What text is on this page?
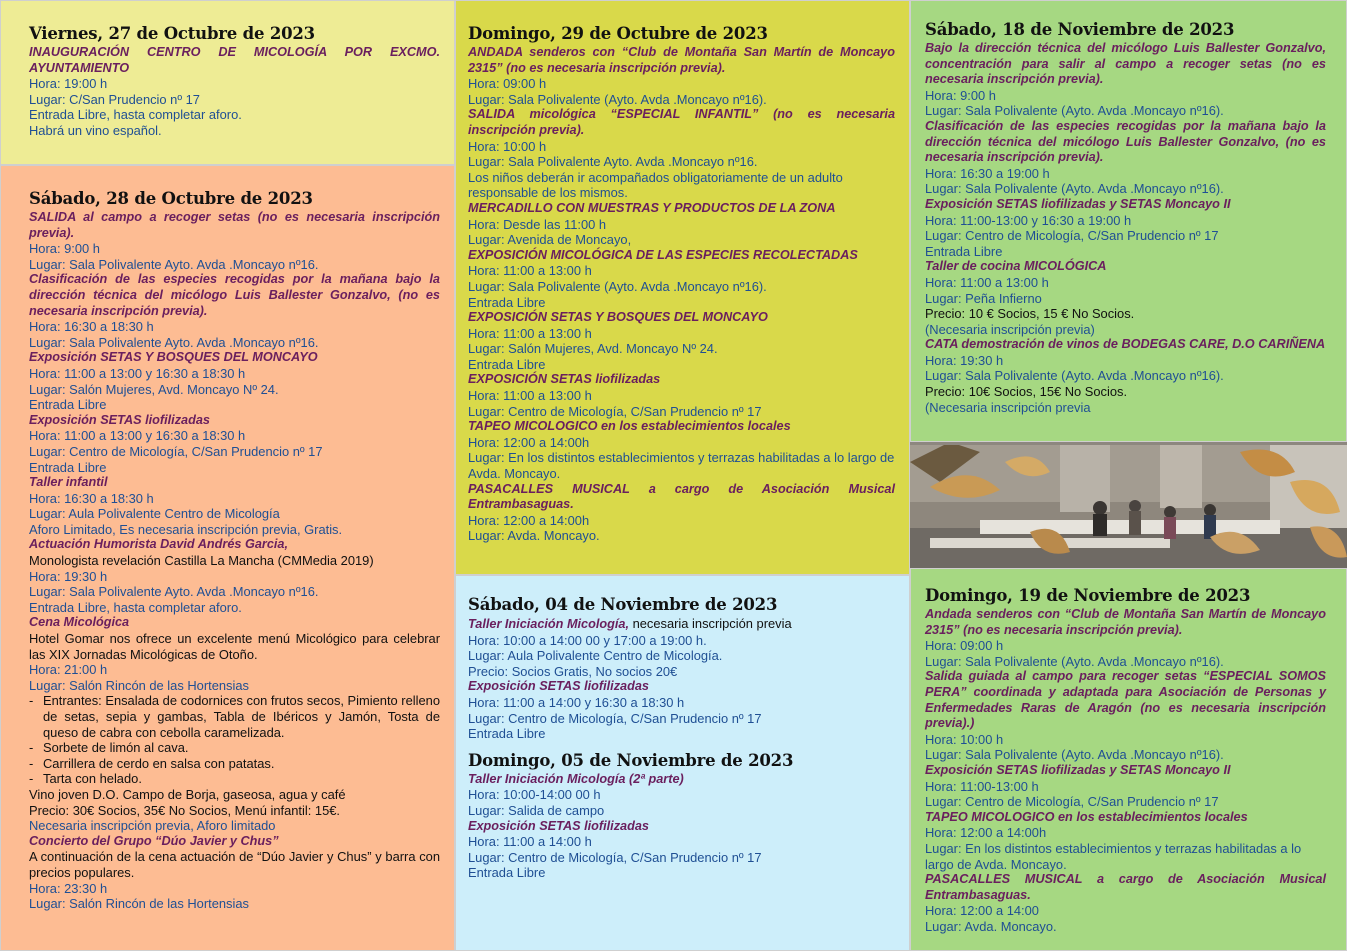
Viernes, 27 de Octubre de 2023
INAUGURACIÓN CENTRO DE MICOLOGÍA POR EXCMO. AYUNTAMIENTO
Hora: 19:00 h
Lugar: C/San Prudencio nº 17
Entrada Libre, hasta completar aforo.
Habrá un vino español.
Sábado, 28 de Octubre de 2023
SALIDA al campo a recoger setas (no es necesaria inscripción previa).
Hora: 9:00 h
Lugar: Sala Polivalente Ayto. Avda .Moncayo nº16.
Clasificación de las especies recogidas por la mañana bajo la dirección técnica del micólogo Luis Ballester Gonzalvo, (no es necesaria inscripción previa).
Hora: 16:30 a 18:30 h
Lugar: Sala Polivalente Ayto. Avda .Moncayo nº16.
Exposición SETAS Y BOSQUES DEL MONCAYO
Hora: 11:00 a 13:00 y 16:30 a 18:30 h
Lugar: Salón Mujeres, Avd. Moncayo Nº 24.
Entrada Libre
Exposición SETAS liofilizadas
Hora: 11:00 a 13:00 y 16:30 a 18:30 h
Lugar: Centro de Micología, C/San Prudencio nº 17
Entrada Libre
Taller infantil
Hora: 16:30 a 18:30 h
Lugar: Aula Polivalente Centro de Micología
Aforo Limitado, Es necesaria inscripción previa, Gratis.
Actuación Humorista David Andrés Garcia,
Monologista revelación Castilla La Mancha (CMMedia 2019)
Hora: 19:30 h
Lugar: Sala Polivalente Ayto. Avda .Moncayo nº16.
Entrada Libre, hasta completar aforo.
Cena Micológica
Hotel Gomar nos ofrece un excelente menú Micológico para celebrar las XIX Jornadas Micológicas de Otoño.
Hora: 21:00 h
Lugar: Salón Rincón de las Hortensias
- Entrantes: Ensalada de codornices con frutos secos, Pimiento relleno de setas, sepia y gambas, Tabla de Ibéricos y Jamón, Tosta de queso de cabra con cebolla caramelizada.
- Sorbete de limón al cava.
- Carrillera de cerdo en salsa con patatas.
- Tarta con helado.
Vino joven D.O. Campo de Borja, gaseosa, agua y café
Precio: 30€ Socios, 35€ No Socios, Menú infantil: 15€.
Necesaria inscripción previa, Aforo limitado
Concierto del Grupo “Dúo Javier y Chus”
A continuación de la cena actuación de “Dúo Javier y Chus” y barra con precios populares.
Hora: 23:30 h
Lugar: Salón Rincón de las Hortensias
Domingo, 29 de Octubre de 2023
ANDADA senderos con “Club de Montaña San Martín de Moncayo 2315” (no es necesaria inscripción previa).
Hora: 09:00 h
Lugar: Sala Polivalente (Ayto. Avda .Moncayo nº16).
SALIDA micológica “ESPECIAL INFANTIL” (no es necesaria inscripción previa).
Hora: 10:00 h
Lugar: Sala Polivalente Ayto. Avda .Moncayo nº16.
Los niños deberán ir acompañados obligatoriamente de un adulto responsable de los mismos.
MERCADILLO CON MUESTRAS Y PRODUCTOS DE LA ZONA
Hora: Desde las 11:00 h
Lugar: Avenida de Moncayo,
EXPOSICIÓN MICOLÓGICA DE LAS ESPECIES RECOLECTADAS
Hora: 11:00 a 13:00 h
Lugar: Sala Polivalente (Ayto. Avda .Moncayo nº16).
Entrada Libre
EXPOSICIÓN SETAS Y BOSQUES DEL MONCAYO
Hora: 11:00 a 13:00 h
Lugar: Salón Mujeres, Avd. Moncayo Nº 24.
Entrada Libre
EXPOSICIÓN SETAS liofilizadas
Hora: 11:00 a 13:00 h
Lugar: Centro de Micología, C/San Prudencio nº 17
TAPEO MICOLOGICO en los establecimientos locales
Hora: 12:00 a 14:00h
Lugar: En los distintos establecimientos y terrazas habilitadas a lo largo de Avda. Moncayo.
PASACALLES MUSICAL a cargo de Asociación Musical Entrambasaguas.
Hora: 12:00 a 14:00h
Lugar: Avda. Moncayo.
Sábado, 04 de Noviembre de 2023
Taller Iniciación Micología, necesaria inscripción previa
Hora: 10:00 a 14:00 00 y 17:00 a 19:00 h.
Lugar: Aula Polivalente Centro de Micología.
Precio: Socios Gratis, No socios 20€
Exposición SETAS liofilizadas
Hora: 11:00 a 14:00 y 16:30 a 18:30 h
Lugar: Centro de Micología, C/San Prudencio nº 17
Entrada Libre
Domingo, 05 de Noviembre de 2023
Taller Iniciación Micología (2ª parte)
Hora: 10:00-14:00 00 h
Lugar: Salida de campo
Exposición SETAS liofilizadas
Hora: 11:00 a 14:00 h
Lugar: Centro de Micología, C/San Prudencio nº 17
Entrada Libre
Sábado, 18 de Noviembre de 2023
Bajo la dirección técnica del micólogo Luis Ballester Gonzalvo, concentración para salir al campo a recoger setas (no es necesaria inscripción previa).
Hora: 9:00 h
Lugar: Sala Polivalente (Ayto. Avda .Moncayo nº16).
Clasificación de las especies recogidas por la mañana bajo la dirección técnica del micólogo Luis Ballester Gonzalvo, (no es necesaria inscripción previa).
Hora: 16:30 a 19:00 h
Lugar: Sala Polivalente (Ayto. Avda .Moncayo nº16).
Exposición SETAS liofilizadas y SETAS Moncayo II
Hora: 11:00-13:00 y 16:30 a 19:00 h
Lugar: Centro de Micología, C/San Prudencio nº 17
Entrada Libre
Taller de cocina MICOLÓGICA
Hora: 11:00 a 13:00 h
Lugar: Peña Infierno
Precio: 10 € Socios, 15 € No Socios.
(Necesaria inscripción previa)
CATA demostración de vinos de BODEGAS CARE, D.O CARIÑENA
Hora: 19:30 h
Lugar: Sala Polivalente (Ayto. Avda .Moncayo nº16).
Precio: 10€ Socios, 15€ No Socios.
(Necesaria inscripción previa
Domingo, 19 de Noviembre de 2023
Andada senderos con “Club de Montaña San Martín de Moncayo 2315” (no es necesaria inscripción previa).
Hora: 09:00 h
Lugar: Sala Polivalente (Ayto. Avda .Moncayo nº16).
Salida guiada al campo para recoger setas “ESPECIAL SOMOS PERA” coordinada y adaptada para Asociación de Personas y Enfermedades Raras de Aragón (no es necesaria inscripción previa).)
Hora: 10:00 h
Lugar: Sala Polivalente (Ayto. Avda .Moncayo nº16).
Exposición SETAS liofilizadas y SETAS Moncayo II
Hora: 11:00-13:00 h
Lugar: Centro de Micología, C/San Prudencio nº 17
TAPEO MICOLOGICO en los establecimientos locales
Hora: 12:00 a 14:00h
Lugar: En los distintos establecimientos y terrazas habilitadas a lo largo de Avda. Moncayo.
PASACALLES MUSICAL a cargo de Asociación Musical Entrambasaguas.
Hora: 12:00 a 14:00
Lugar: Avda. Moncayo.
